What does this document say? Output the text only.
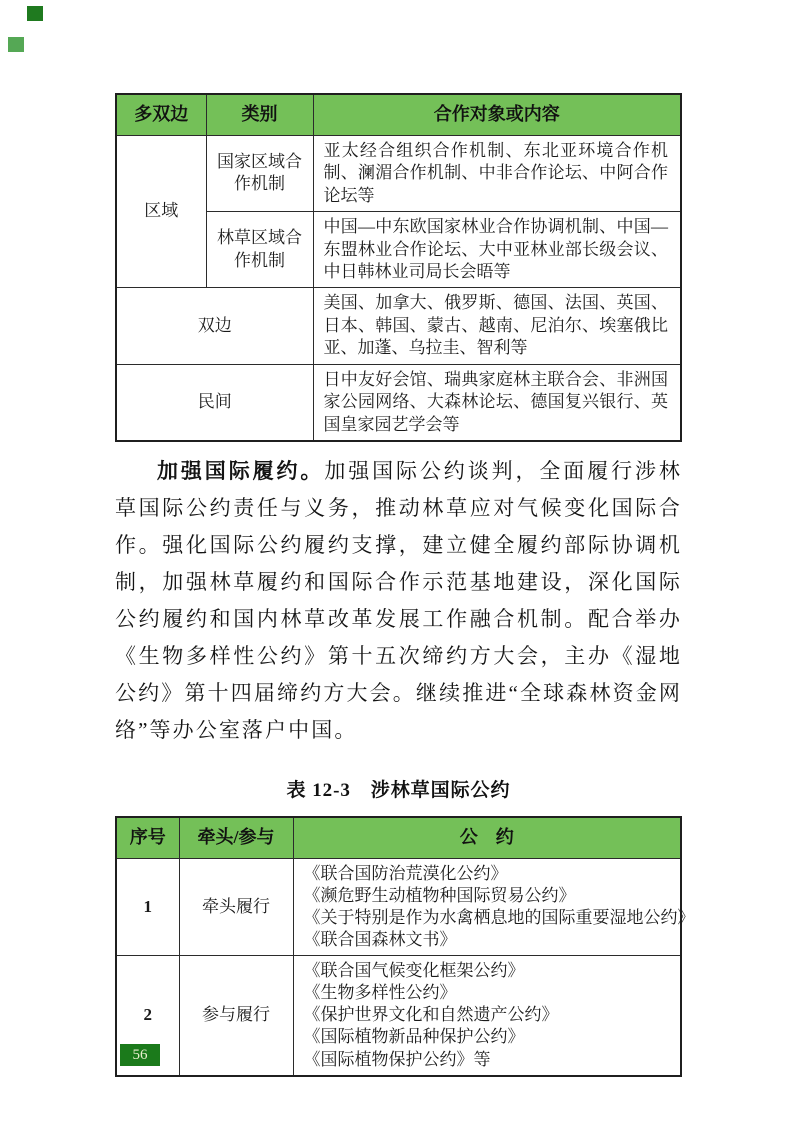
多双边	类别	合作对象或内容
区域	国家区域合作机制	亚太经合组织合作机制、东北亚环境合作机制、澜湄合作机制、中非合作论坛、中阿合作论坛等
	林草区域合作机制	中国—中东欧国家林业合作协调机制、中国—东盟林业合作论坛、大中亚林业部长级会议、中日韩林业司局长会晤等
双边		美国、加拿大、俄罗斯、德国、法国、英国、日本、韩国、蒙古、越南、尼泊尔、埃塞俄比亚、加蓬、乌拉圭、智利等
民间		日中友好会馆、瑞典家庭林主联合会、非洲国家公园网络、大森林论坛、德国复兴银行、英国皇家园艺学会等

加强国际履约。加强国际公约谈判，全面履行涉林草国际公约责任与义务，推动林草应对气候变化国际合作。强化国际公约履约支撑，建立健全履约部际协调机制，加强林草履约和国际合作示范基地建设，深化国际公约履约和国内林草改革发展工作融合机制。配合举办《生物多样性公约》第十五次缔约方大会，主办《湿地公约》第十四届缔约方大会。继续推进“全球森林资金网络”等办公室落户中国。

表 12-3　涉林草国际公约
序号	牵头/参与	公　约
1	牵头履行	《联合国防治荒漠化公约》
《濒危野生动植物种国际贸易公约》
《关于特别是作为水禽栖息地的国际重要湿地公约》
《联合国森林文书》

2	参与履行	《联合国气候变化框架公约》
《生物多样性公约》
《保护世界文化和自然遗产公约》
《国际植物新品种保护公约》
《国际植物保护公约》等
56
